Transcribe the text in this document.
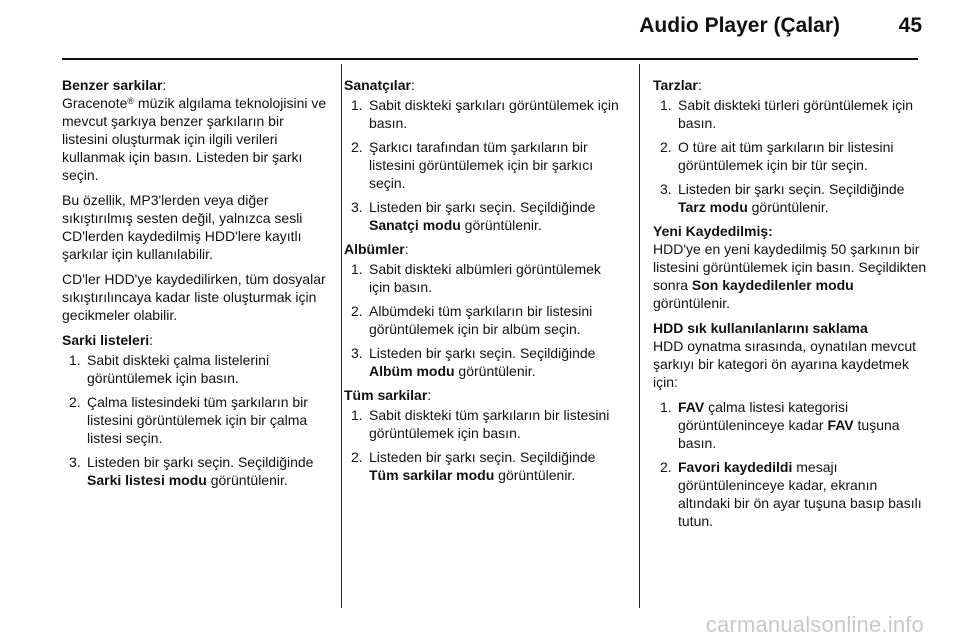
Audio Player (Çalar)	45

Benzer sarkilar:

Gracenote® müzik algılama teknolojisini ve mevcut şarkıya benzer şarkıların bir listesini oluşturmak için ilgili verileri kullanmak için basın. Listeden bir şarkı seçin.

Bu özellik, MP3'lerden veya diğer sıkıştırılmış sesten değil, yalnızca sesli CD'lerden kaydedilmiş HDD'lere kayıtlı şarkılar için kullanılabilir.

CD'ler HDD'ye kaydedilirken, tüm dosyalar sıkıştırılıncaya kadar liste oluşturmak için gecikmeler olabilir.

Sarki listeleri:

1. Sabit diskteki çalma listelerini görüntülemek için basın.
2. Çalma listesindeki tüm şarkıların bir listesini görüntülemek için bir çalma listesi seçin.
3. Listeden bir şarkı seçin. Seçildiğinde Sarki listesi modu görüntülenir.

Sanatçılar:

1. Sabit diskteki şarkıları görüntülemek için basın.
2. Şarkıcı tarafından tüm şarkıların bir listesini görüntülemek için bir şarkıcı seçin.
3. Listeden bir şarkı seçin. Seçildiğinde Sanatçi modu görüntülenir.

Albümler:

1. Sabit diskteki albümleri görüntülemek için basın.
2. Albümdeki tüm şarkıların bir listesini görüntülemek için bir albüm seçin.
3. Listeden bir şarkı seçin. Seçildiğinde Albüm modu görüntülenir.

Tüm sarkilar:

1. Sabit diskteki tüm şarkıların bir listesini görüntülemek için basın.
2. Listeden bir şarkı seçin. Seçildiğinde Tüm sarkilar modu görüntülenir.

Tarzlar:

1. Sabit diskteki türleri görüntülemek için basın.
2. O türe ait tüm şarkıların bir listesini görüntülemek için bir tür seçin.
3. Listeden bir şarkı seçin. Seçildiğinde Tarz modu görüntülenir.

Yeni Kaydedilmiş:

HDD'ye en yeni kaydedilmiş 50 şarkının bir listesini görüntülemek için basın. Seçildikten sonra Son kaydedilenler modu görüntülenir.

HDD sık kullanılanlarını saklama

HDD oynatma sırasında, oynatılan mevcut şarkıyı bir kategori ön ayarına kaydetmek için:

1. FAV çalma listesi kategorisi görüntüleninceye kadar FAV tuşuna basın.
2. Favori kaydedildi mesajı görüntüleninceye kadar, ekranın altındaki bir ön ayar tuşuna basıp basılı tutun.
carmanualsonline.info
